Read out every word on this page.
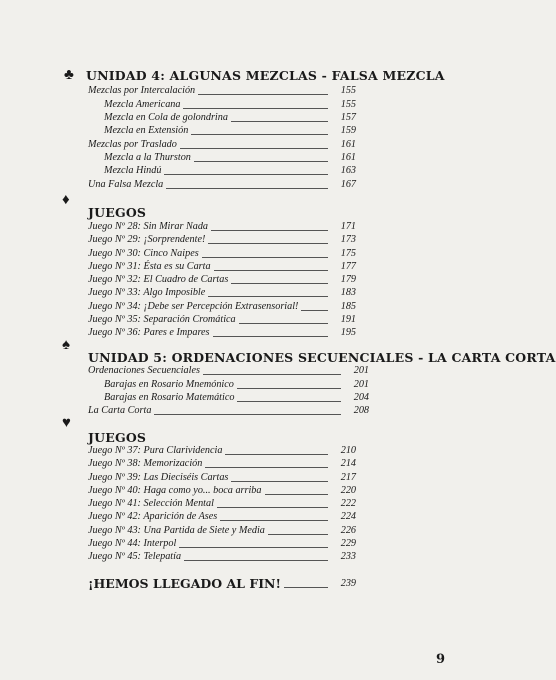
♣ UNIDAD 4: ALGUNAS MEZCLAS - FALSA MEZCLA
Mezclas por Intercalación	155
Mezcla Americana	155
Mezcla en Cola de golondrina	157
Mezcla en Extensión	159
Mezclas por Traslado	161
Mezcla a la Thurston	161
Mezcla Hindú	163
Una Falsa Mezcla	167
♦
JUEGOS
Juego Nº 28: Sin Mirar Nada	171
Juego Nº 29: ¡Sorprendente!	173
Juego Nº 30: Cinco Naipes	175
Juego Nº 31: Ésta es su Carta	177
Juego Nº 32: El Cuadro de Cartas	179
Juego Nº 33: Algo Imposible	183
Juego Nº 34: ¡Debe ser Percepción Extrasensorial!	185
Juego Nº 35: Separación Cromática	191
Juego Nº 36: Pares e Impares	195
♠
UNIDAD 5: ORDENACIONES SECUENCIALES - LA CARTA CORTA
Ordenaciones Secuenciales	201
Barajas en Rosario Mnemónico	201
Barajas en Rosario Matemático	204
La Carta Corta	208
♥
JUEGOS
Juego Nº 37: Pura Clarividencia	210
Juego Nº 38: Memorización	214
Juego Nº 39: Las Dieciséis Cartas	217
Juego Nº 40: Haga como yo... boca arriba	220
Juego Nº 41: Selección Mental	222
Juego Nº 42: Aparición de Ases	224
Juego Nº 43: Una Partida de Siete y Media	226
Juego Nº 44: Interpol	229
Juego Nº 45: Telepatía	233
¡HEMOS LLEGADO AL FIN!	239
9
